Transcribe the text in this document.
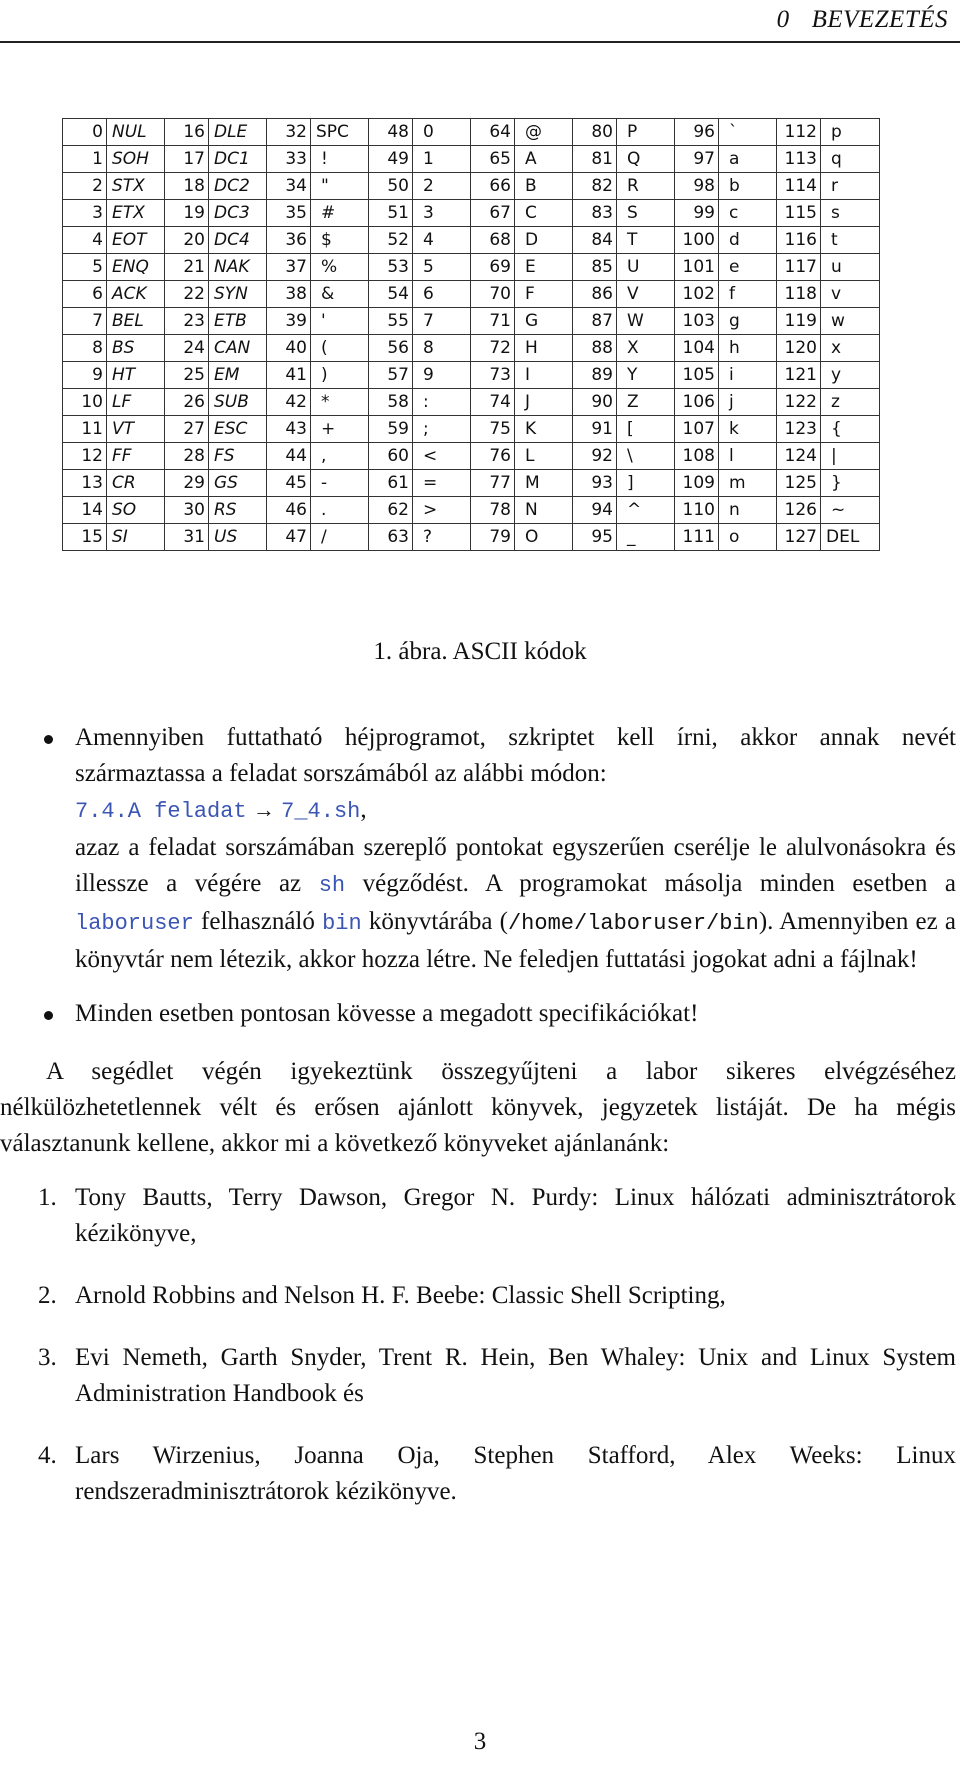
0 BEVEZETÉS
0	NUL	16	DLE	32	SPC	48	0	64	@	80	P	96	`	112	p
1	SOH	17	DC1	33	!	49	1	65	A	81	Q	97	a	113	q
2	STX	18	DC2	34	"	50	2	66	B	82	R	98	b	114	r
3	ETX	19	DC3	35	#	51	3	67	C	83	S	99	c	115	s
4	EOT	20	DC4	36	$	52	4	68	D	84	T	100	d	116	t
5	ENQ	21	NAK	37	%	53	5	69	E	85	U	101	e	117	u
6	ACK	22	SYN	38	&	54	6	70	F	86	V	102	f	118	v
7	BEL	23	ETB	39	'	55	7	71	G	87	W	103	g	119	w
8	BS	24	CAN	40	(	56	8	72	H	88	X	104	h	120	x
9	HT	25	EM	41	)	57	9	73	I	89	Y	105	i	121	y
10	LF	26	SUB	42	*	58	:	74	J	90	Z	106	j	122	z
11	VT	27	ESC	43	+	59	;	75	K	91	[	107	k	123	{
12	FF	28	FS	44	,	60	<	76	L	92	\	108	l	124	|
13	CR	29	GS	45	-	61	=	77	M	93	]	109	m	125	}
14	SO	30	RS	46	.	62	>	78	N	94	^	110	n	126	~
15	SI	31	US	47	/	63	?	79	O	95	_	111	o	127	DEL
1. ábra. ASCII kódok
Amennyiben futtatható héjprogramot, szkriptet kell írni, akkor annak nevét származtassa a feladat sorszámából az alábbi módon:
7.4.A feladat → 7_4.sh,
azaz a feladat sorszámában szereplő pontokat egyszerűen cserélje le alulvonásokra és illessze a végére az sh végződést. A programokat másolja minden esetben a laboruser felhasználó bin könyvtárába (/home/laboruser/bin). Amennyiben ez a könyvtár nem létezik, akkor hozza létre. Ne feledjen futtatási jogokat adni a fájlnak!
Minden esetben pontosan kövesse a megadott specifikációkat!

A segédlet végén igyekeztünk összegyűjteni a labor sikeres elvégzéséhez nélkülözhetetlennek vélt és erősen ajánlott könyvek, jegyzetek listáját. De ha mégis választanunk kellene, akkor mi a következő könyveket ajánlanánk:

1. Tony Bautts, Terry Dawson, Gregor N. Purdy: Linux hálózati adminisztrátorok kézikönyve,
2. Arnold Robbins and Nelson H. F. Beebe: Classic Shell Scripting,
3. Evi Nemeth, Garth Snyder, Trent R. Hein, Ben Whaley: Unix and Linux System Administration Handbook és
4. Lars Wirzenius, Joanna Oja, Stephen Stafford, Alex Weeks: Linux rendszeradminisztrátorok kézikönyve.
3
